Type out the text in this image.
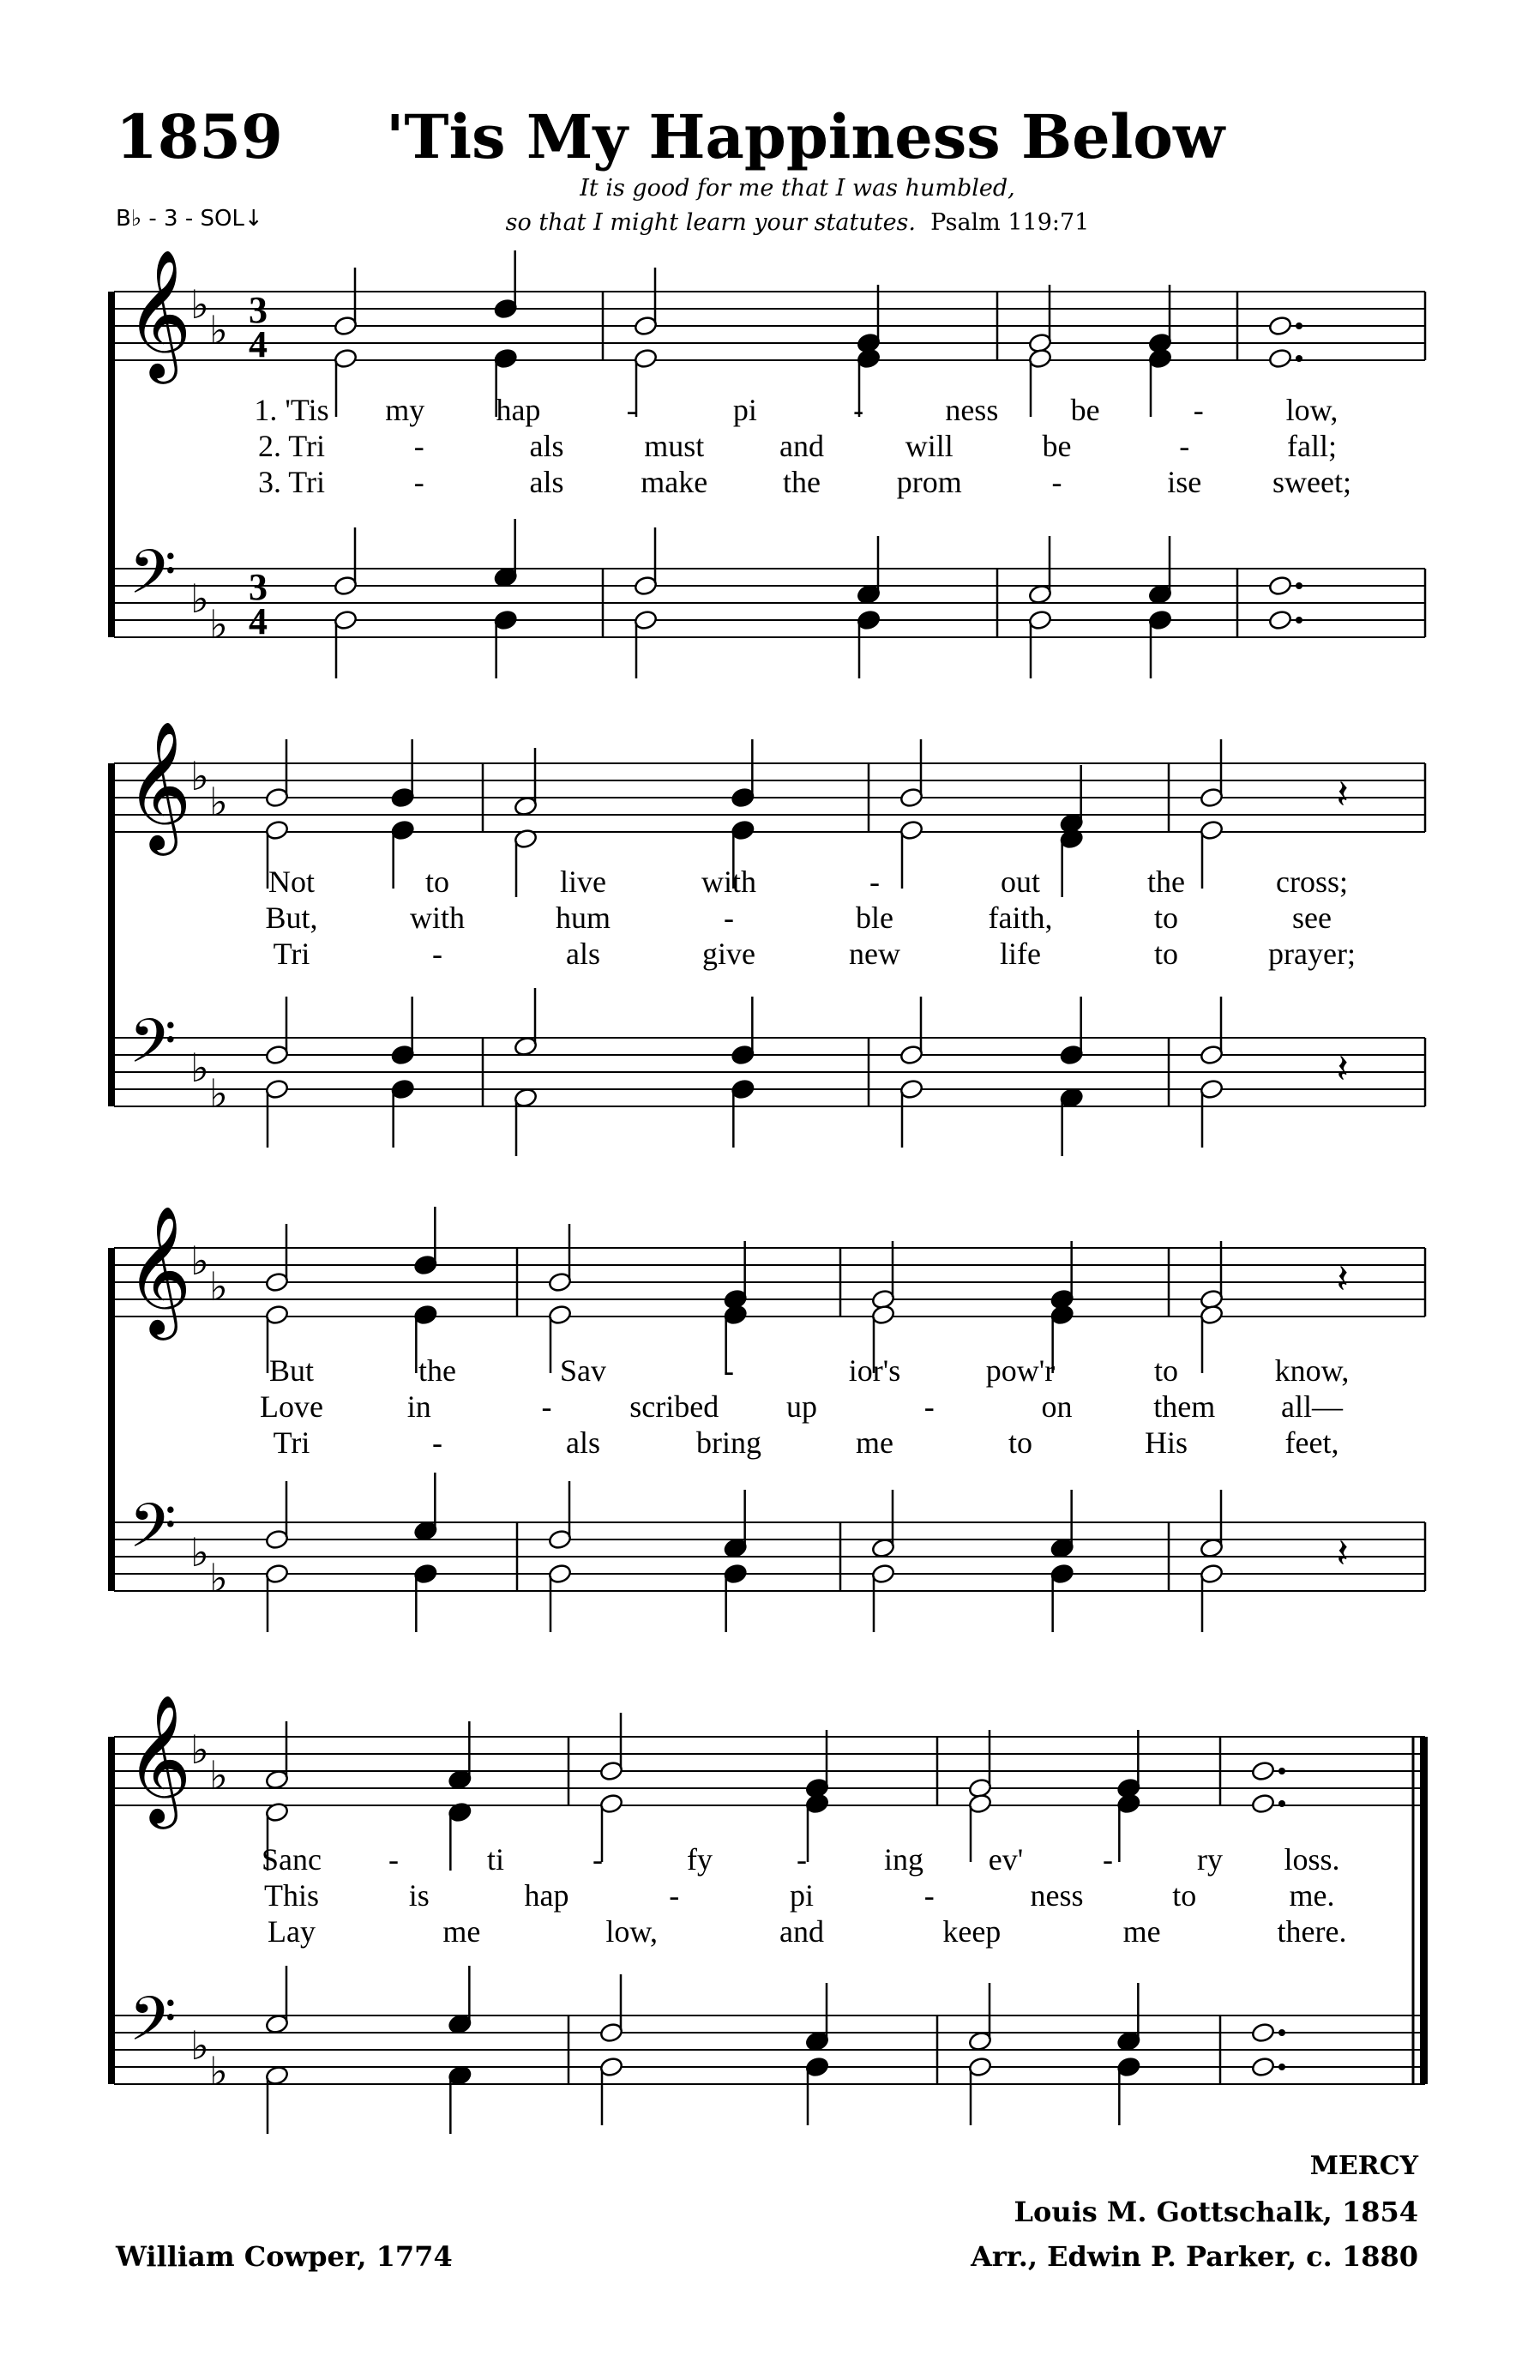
1859 'Tis My Happiness Below
B♭ - 3 - SOL↓
It is good for me that I was humbled,
so that I might learn your statutes. Psalm 119:71
𝄞
𝄢
♭
♭
♭
♭
3
4
3
4
𝄞
𝄢
♭
♭
♭
♭
𝄞
𝄢
♭
♭
♭
♭
𝄞
𝄢
♭
♭
♭
♭
𝄽
𝄽
𝄽
𝄽
1. 'Tis my hap	-	pi	-	ness be	-	low,
2. Tri	-	als	must and	will	be	-	fall;
3. Tri	-	als make the prom	-	ise sweet;
Not	to	live	with	-	out	the	cross;
But,	with	hum	-	ble	faith,	to	see
Tri	-	als	give	new	life	to	prayer;
But	the	Sav	-	ior's	pow'r	to	know,
Love	in	-	scribed up	-	on	them all—
Tri	-	als	bring	me	to	His	feet,
Sanc -	ti	-	fy	- ing ev'	-	ry loss.
This	is	hap	-	pi	-	ness	to	me.
Lay	me	low,	and	keep	me	there.
MERCY
Louis M. Gottschalk, 1854
Arr., Edwin P. Parker, c. 1880
William Cowper, 1774
